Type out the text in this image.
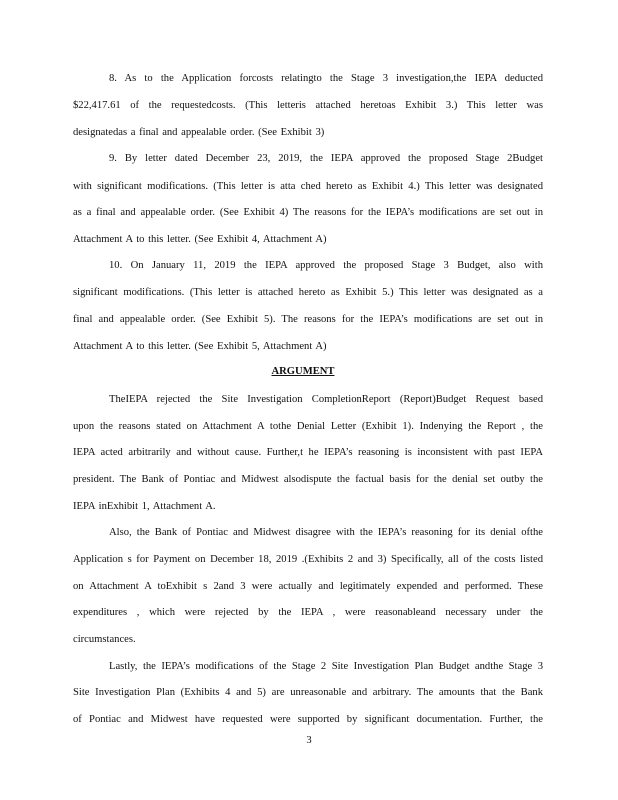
8. As to the Application forcosts relatingto the Stage 3 investigation,the IEPA deducted
$22,417.61 of the requestedcosts. (This letteris attached heretoas Exhibit 3.) This letter was
designatedas a final and appealable order. (See Exhibit 3)
9. By letter dated December 23, 2019, the IEPA approved the proposed Stage 2Budget
with significant modifications. (This letter is atta ched hereto as Exhibit 4.) This letter was designated
as a final and appealable order. (See Exhibit 4) The reasons for the IEPA’s modifications are set out in
Attachment A to this letter. (See Exhibit 4, Attachment A)
10. On January 11, 2019 the IEPA approved the proposed Stage 3 Budget, also with
significant modifications. (This letter is attached hereto as Exhibit 5.) This letter was designated as a
final and appealable order. (See Exhibit 5). The reasons for the IEPA’s modifications are set out in
Attachment A to this letter. (See Exhibit 5, Attachment A)
ARGUMENT
TheIEPA rejected the Site Investigation CompletionReport (Report)Budget Request based
upon the reasons stated on Attachment A tothe Denial Letter (Exhibit 1). Indenying the Report , the
IEPA acted arbitrarily and without cause. Further,t he IEPA’s reasoning is inconsistent with past IEPA
president. The Bank of Pontiac and Midwest alsodispute the factual basis for the denial set outby the
IEPA inExhibit 1, Attachment A.
Also, the Bank of Pontiac and Midwest disagree with the IEPA’s reasoning for its denial ofthe
Application s for Payment on December 18, 2019 .(Exhibits 2 and 3) Specifically, all of the costs listed
on Attachment A toExhibit s 2and 3 were actually and legitimately expended and performed. These
expenditures , which were rejected by the IEPA , were reasonableand necessary under the
circumstances.
Lastly, the IEPA’s modifications of the Stage 2 Site Investigation Plan Budget andthe Stage 3
Site Investigation Plan (Exhibits 4 and 5) are unreasonable and arbitrary. The amounts that the Bank
of Pontiac and Midwest have requested were supported by significant documentation. Further, the
3
